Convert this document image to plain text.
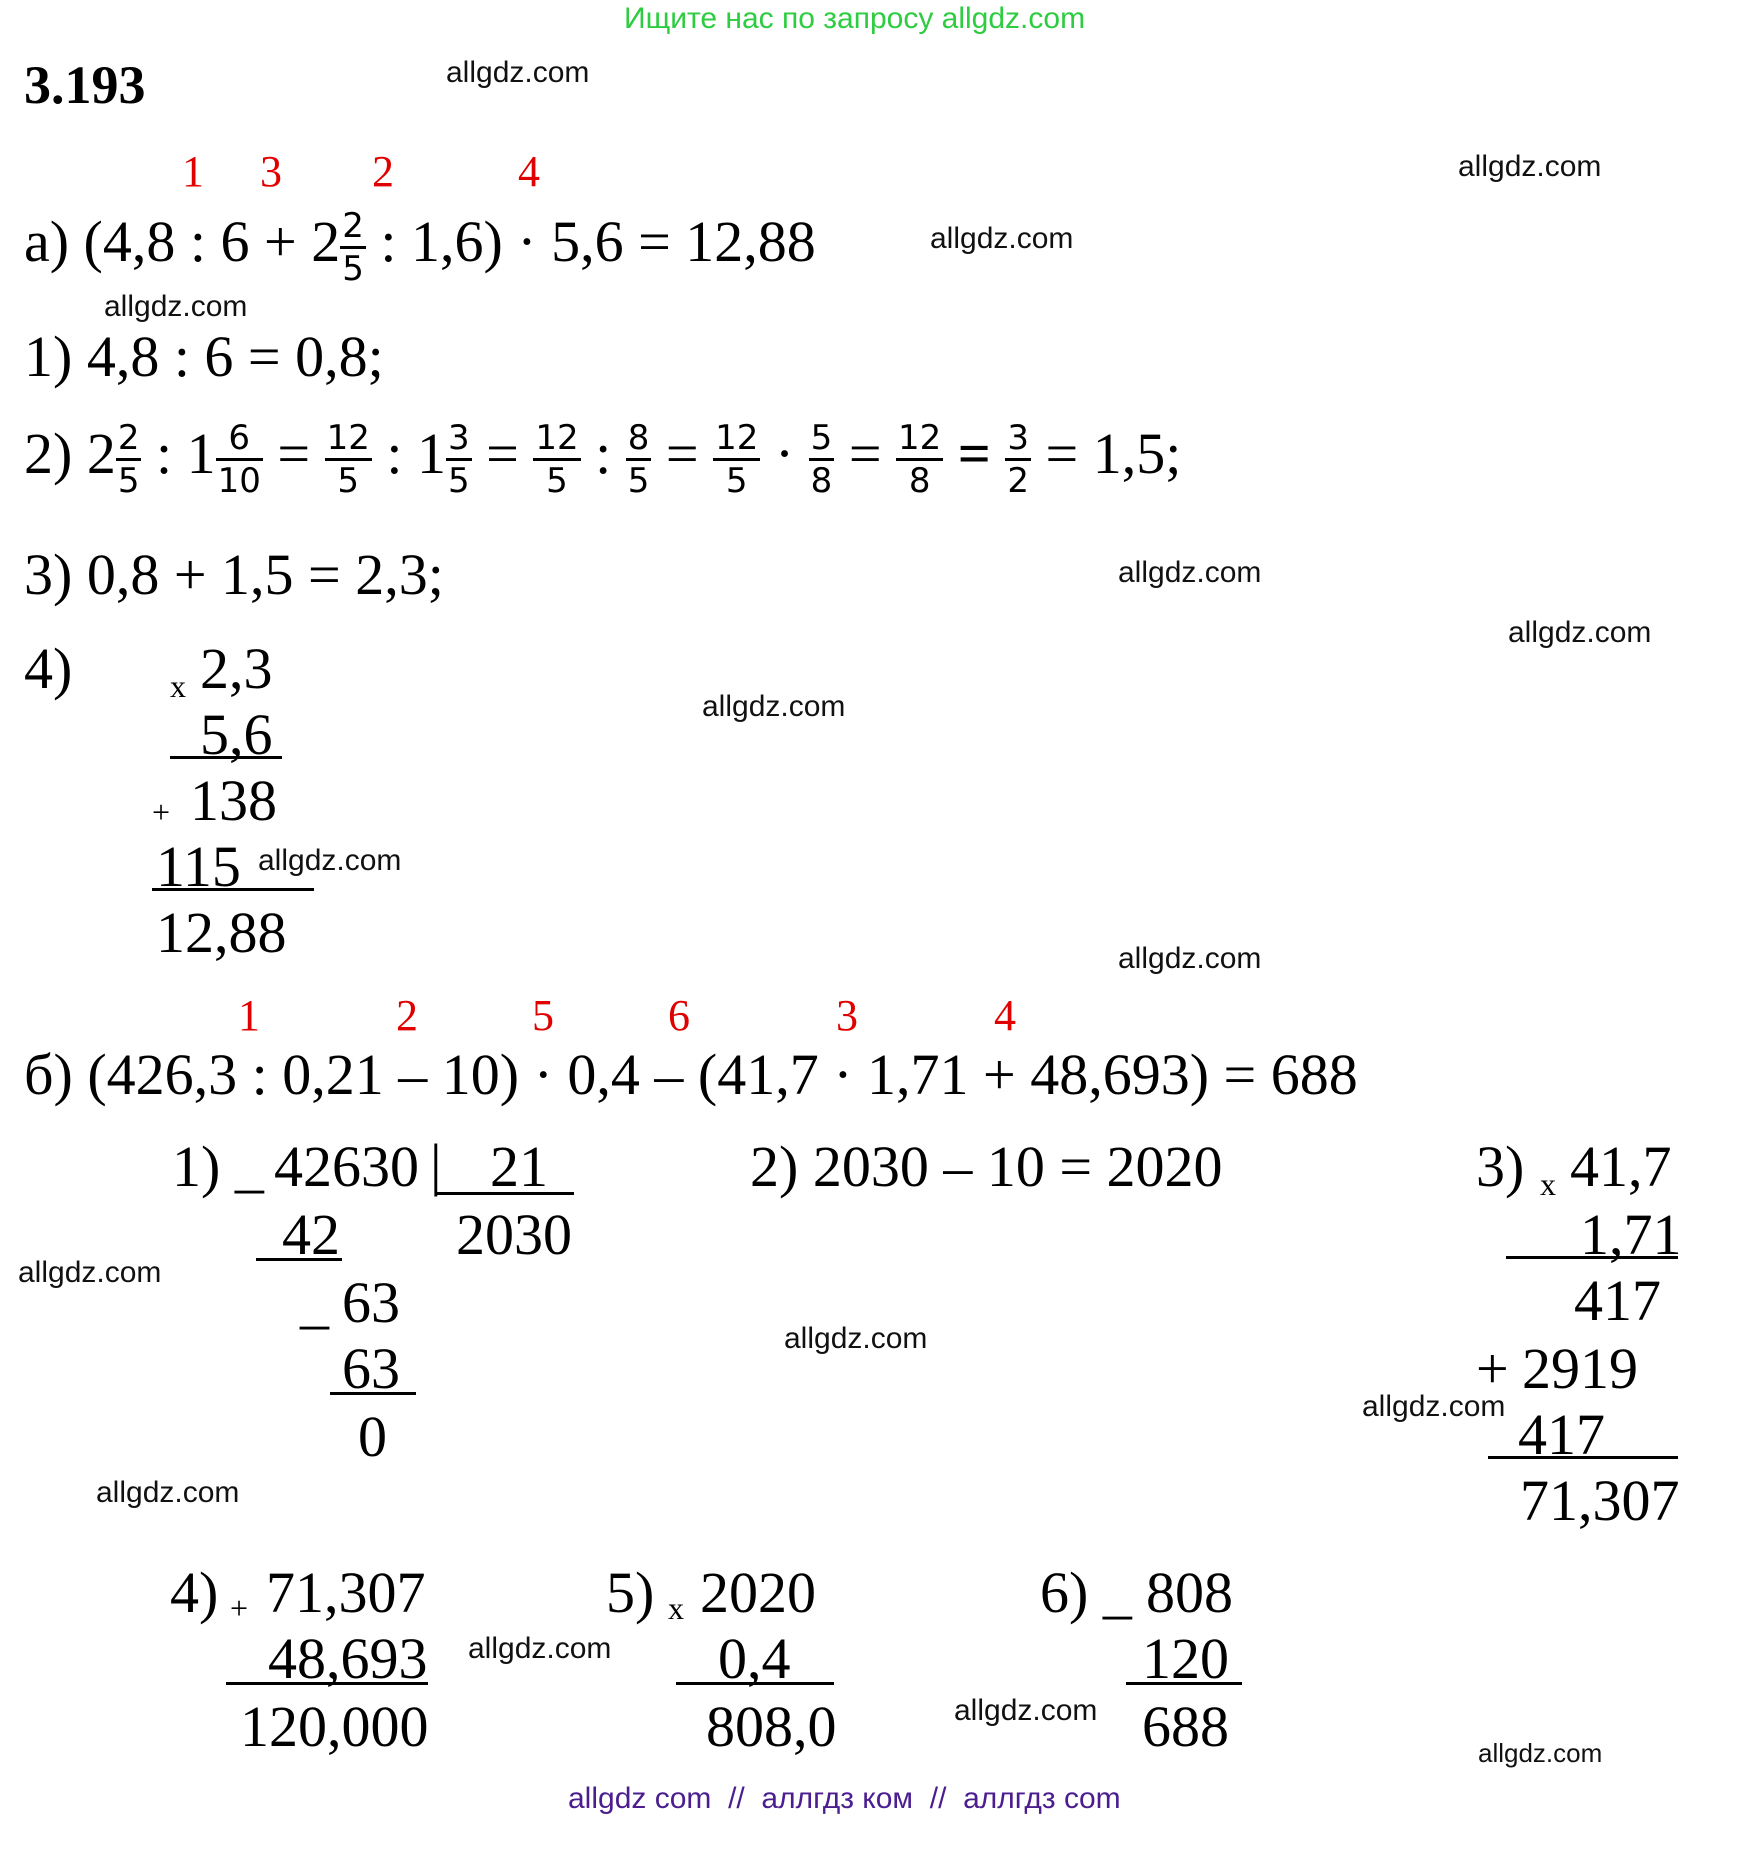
Ищите нас по запросу allgdz.com
3.193	allgdz.com
allgdz.com
allgdz.com
allgdz.com
allgdz.com
allgdz.com
allgdz.com
allgdz.com
allgdz.com
allgdz.com
allgdz.com
allgdz.com
allgdz.com
allgdz.com
allgdz.com
allgdz.com
1 3 2	4
а) (4,8 : $6 + 2 \frac{2}{5}$ : 1,6) · 5,6 = 12,88
1) 4,8 : 6 = 0,8;
2) $2 \frac{2}{5}$ : $1 \frac{6}{10} = \frac{12}{5}$ : $1 \frac{3}{5} = \frac{12}{5}$ : $\frac{8}{5} = \frac{12}{5} \cdot \frac{5}{8} = \frac{12}{8} = \frac{3}{2} = 1,5$;
3) 0,8 + 1,5 = 2,3;
4)	x 2,3
5,6
+ 138
115
12,88
1	2	5	6	3	4
б) (426,3 : 0,21 – 10) · 0,4 – (41,7 · 1,71 + 48,693) = 688
1) _ 42630 | 21
2030
42
_ 63
63
0
2) 2030 – 10 = 2020	3) x 41,7
1,71
417
+ 2919
417
71,307
4) + 71,307
48,693
120,000
5) x 2020
0,4
808,0
6) _ 808
120
688
allgdz com  //  аллгдз ком  //  аллгдз com
